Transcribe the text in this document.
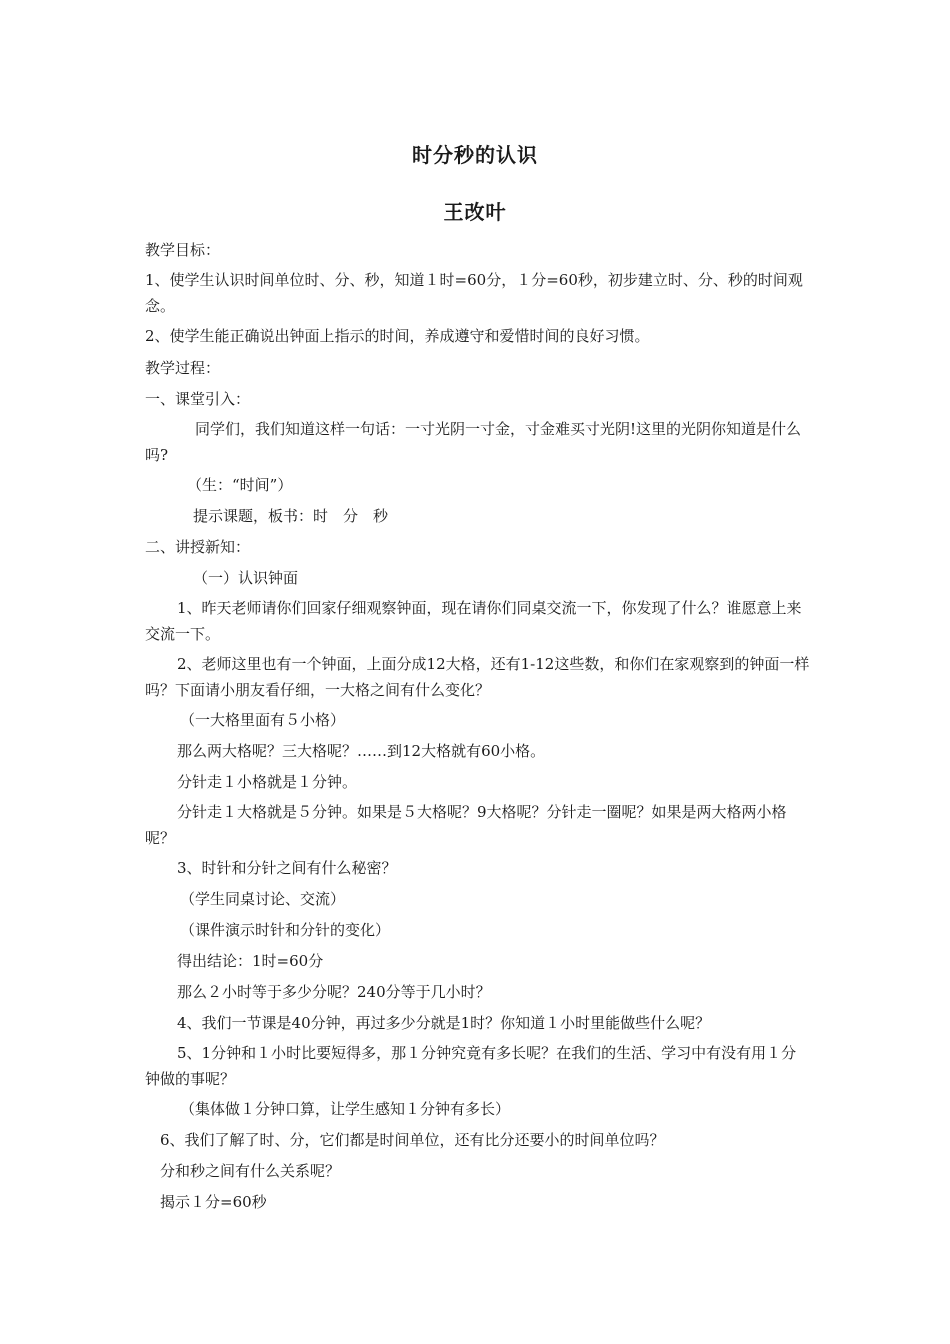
时分秒的认识
王改叶
教学目标：
1、使学生认识时间单位时、分、秒，知道１时=60分，１分=60秒，初步建立时、分、秒的时间观念。
2、使学生能正确说出钟面上指示的时间，养成遵守和爱惜时间的良好习惯。
教学过程：
一、课堂引入：
同学们，我们知道这样一句话：一寸光阴一寸金，寸金难买寸光阴!这里的光阴你知道是什么吗?
（生：“时间”）
提示课题，板书：时　分　秒
二、讲授新知：
（一）认识钟面
1、昨天老师请你们回家仔细观察钟面，现在请你们同桌交流一下，你发现了什么？谁愿意上来交流一下。
2、老师这里也有一个钟面，上面分成12大格，还有1-12这些数，和你们在家观察到的钟面一样吗？下面请小朋友看仔细，一大格之间有什么变化？
（一大格里面有５小格）
那么两大格呢？三大格呢？……到12大格就有60小格。
分针走１小格就是１分钟。
分针走１大格就是５分钟。如果是５大格呢？9大格呢？分针走一圈呢？如果是两大格两小格呢？
3、时针和分针之间有什么秘密？
（学生同桌讨论、交流）
（课件演示时针和分针的变化）
得出结论：1时=60分
那么２小时等于多少分呢？240分等于几小时？
4、我们一节课是40分钟，再过多少分就是1时？你知道１小时里能做些什么呢？
5、1分钟和１小时比要短得多，那１分钟究竟有多长呢？在我们的生活、学习中有没有用１分钟做的事呢？
（集体做１分钟口算，让学生感知１分钟有多长）
6、我们了解了时、分，它们都是时间单位，还有比分还要小的时间单位吗？
分和秒之间有什么关系呢？
揭示１分=60秒
